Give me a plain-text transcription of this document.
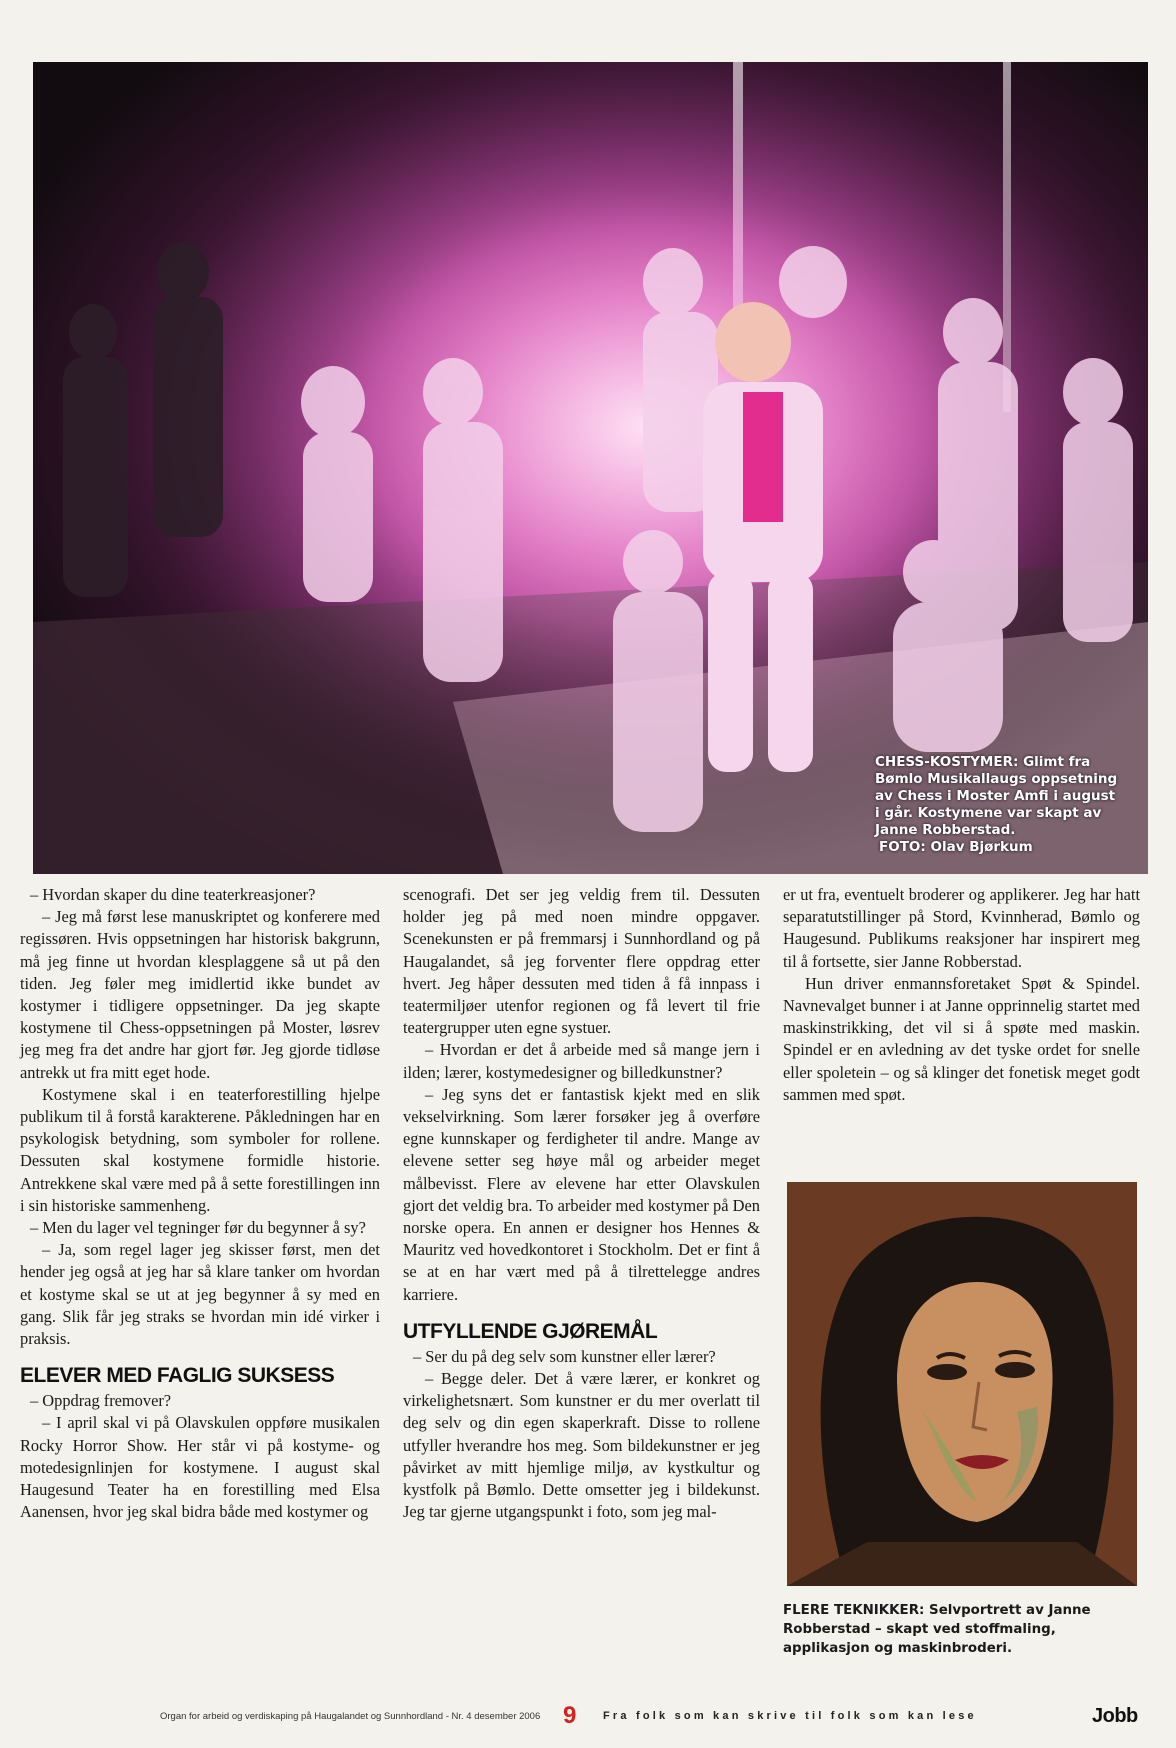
CHESS-KOSTYMER: Glimt fra Bømlo Musikallaugs oppsetning av Chess i Moster Amfi i august i går. Kostymene var skapt av Janne Robberstad.
FOTO: Olav Bjørkum

– Hvordan skaper du dine teaterkreasjoner?

– Jeg må først lese manuskriptet og konferere med regissøren. Hvis oppsetningen har historisk bakgrunn, må jeg finne ut hvordan klesplaggene så ut på den tiden. Jeg føler meg imidlertid ikke bundet av kostymer i tidligere oppsetninger. Da jeg skapte kostymene til Chess-oppsetningen på Moster, løsrev jeg meg fra det andre har gjort før. Jeg gjorde tidløse antrekk ut fra mitt eget hode.

Kostymene skal i en teaterforestilling hjelpe publikum til å forstå karakterene. Påkledningen har en psykologisk betydning, som symboler for rollene. Dessuten skal kostymene formidle historie. Antrekkene skal være med på å sette forestillingen inn i sin historiske sammenheng.

– Men du lager vel tegninger før du begynner å sy?

– Ja, som regel lager jeg skisser først, men det hender jeg også at jeg har så klare tanker om hvordan et kostyme skal se ut at jeg begynner å sy med en gang. Slik får jeg straks se hvordan min idé virker i praksis.

ELEVER MED FAGLIG SUKSESS

– Oppdrag fremover?

– I april skal vi på Olavskulen oppføre musikalen Rocky Horror Show. Her står vi på kostyme- og motedesignlinjen for kostymene. I august skal Haugesund Teater ha en forestilling med Elsa Aanensen, hvor jeg skal bidra både med kostymer og

scenografi. Det ser jeg veldig frem til. Dessuten holder jeg på med noen mindre oppgaver. Scenekunsten er på fremmarsj i Sunnhordland og på Haugalandet, så jeg forventer flere oppdrag etter hvert. Jeg håper dessuten med tiden å få innpass i teatermiljøer utenfor regionen og få levert til frie teatergrupper uten egne systuer.

– Hvordan er det å arbeide med så mange jern i ilden; lærer, kostymedesigner og billedkunstner?

– Jeg syns det er fantastisk kjekt med en slik vekselvirkning. Som lærer forsøker jeg å overføre egne kunnskaper og ferdigheter til andre. Mange av elevene setter seg høye mål og arbeider meget målbevisst. Flere av elevene har etter Olavskulen gjort det veldig bra. To arbeider med kostymer på Den norske opera. En annen er designer hos Hennes & Mauritz ved hovedkontoret i Stockholm. Det er fint å se at en har vært med på å tilrettelegge andres karriere.

UTFYLLENDE GJØREMÅL

– Ser du på deg selv som kunstner eller lærer?

– Begge deler. Det å være lærer, er konkret og virkelighetsnært. Som kunstner er du mer overlatt til deg selv og din egen skaperkraft. Disse to rollene utfyller hverandre hos meg. Som bildekunstner er jeg påvirket av mitt hjemlige miljø, av kystkultur og kystfolk på Bømlo. Dette omsetter jeg i bildekunst. Jeg tar gjerne utgangspunkt i foto, som jeg mal-

er ut fra, eventuelt broderer og applikerer. Jeg har hatt separatutstillinger på Stord, Kvinnherad, Bømlo og Haugesund. Publikums reaksjoner har inspirert meg til å fortsette, sier Janne Robberstad.

Hun driver enmannsforetaket Spøt & Spindel. Navnevalget bunner i at Janne opprinnelig startet med maskinstrikking, det vil si å spøte med maskin. Spindel er en avledning av det tyske ordet for snelle eller spoletein – og så klinger det fonetisk meget godt sammen med spøt.

FLERE TEKNIKKER: Selvportrett av Janne Robberstad – skapt ved stoffmaling, applikasjon og maskinbroderi.
Organ for arbeid og verdiskaping på Haugalandet og Sunnhordland - Nr. 4 desember 2006 9 Fra folk som kan skrive til folk som kan lese	Jobb
